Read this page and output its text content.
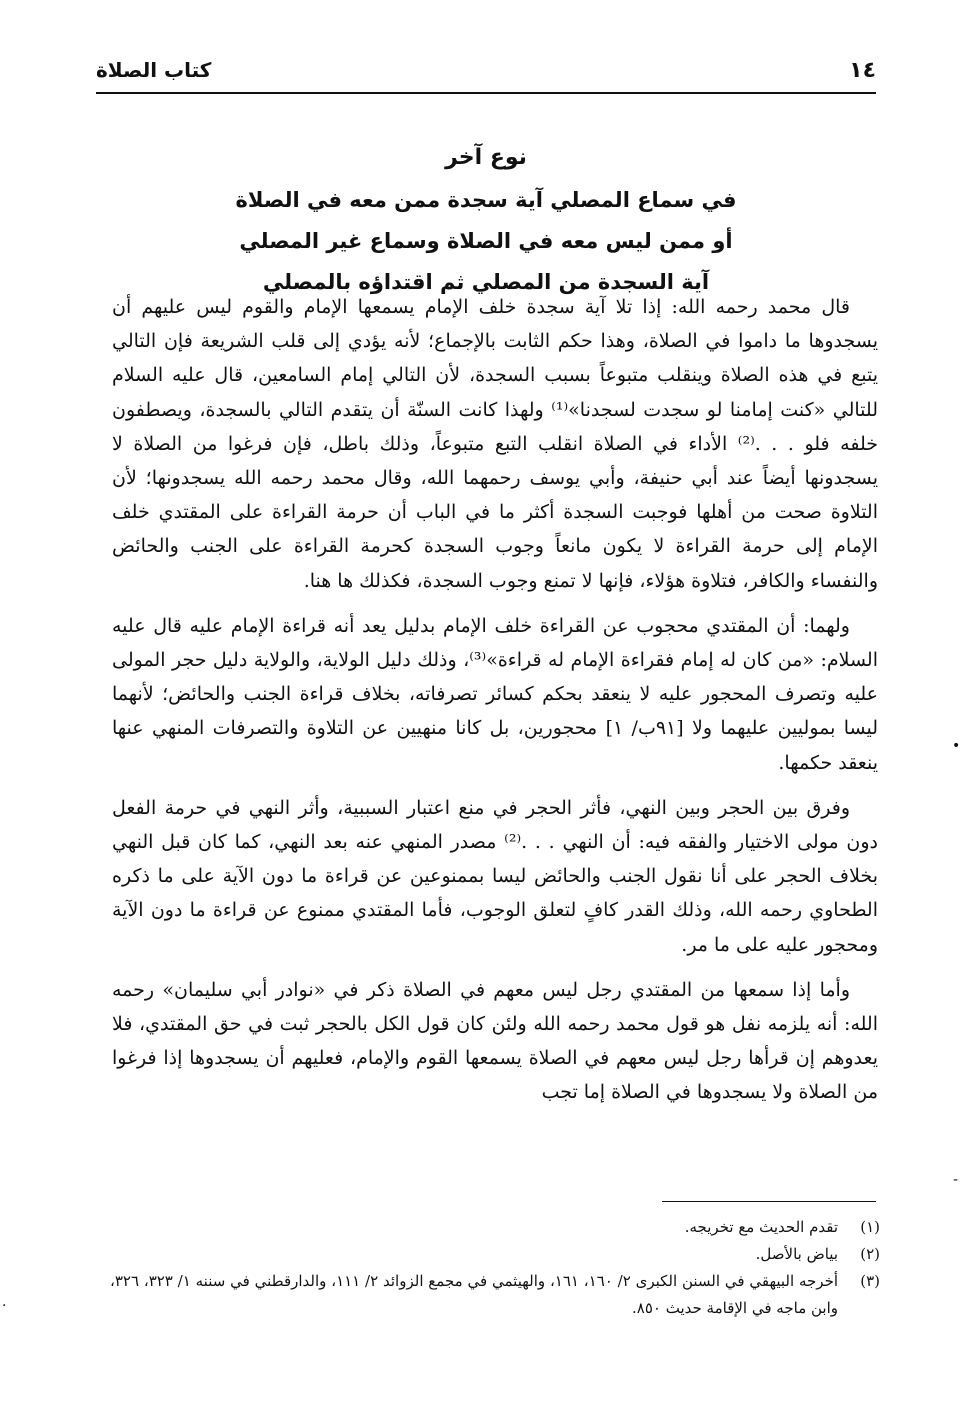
١٤
كتاب الصلاة
نوع آخر
في سماع المصلي آية سجدة ممن معه في الصلاة
أو ممن ليس معه في الصلاة وسماع غير المصلي
آية السجدة من المصلي ثم اقتداؤه بالمصلي

قال محمد رحمه الله: إذا تلا آية سجدة خلف الإمام يسمعها الإمام والقوم ليس عليهم أن يسجدوها ما داموا في الصلاة، وهذا حكم الثابت بالإجماع؛ لأنه يؤدي إلى قلب الشريعة فإن التالي يتبع في هذه الصلاة وينقلب متبوعاً بسبب السجدة، لأن التالي إمام السامعين، قال عليه السلام للتالي «كنت إمامنا لو سجدت لسجدنا»⁽¹⁾ ولهذا كانت السنّة أن يتقدم التالي بالسجدة، ويصطفون خلفه فلو . . .⁽²⁾ الأداء في الصلاة انقلب التبع متبوعاً، وذلك باطل، فإن فرغوا من الصلاة لا يسجدونها أيضاً عند أبي حنيفة، وأبي يوسف رحمهما الله، وقال محمد رحمه الله يسجدونها؛ لأن التلاوة صحت من أهلها فوجبت السجدة أكثر ما في الباب أن حرمة القراءة على المقتدي خلف الإمام إلى حرمة القراءة لا يكون مانعاً وجوب السجدة كحرمة القراءة على الجنب والحائض والنفساء والكافر، فتلاوة هؤلاء، فإنها لا تمنع وجوب السجدة، فكذلك ها هنا.

ولهما: أن المقتدي محجوب عن القراءة خلف الإمام بدليل يعد أنه قراءة الإمام عليه قال عليه السلام: «من كان له إمام فقراءة الإمام له قراءة»⁽³⁾، وذلك دليل الولاية، والولاية دليل حجر المولى عليه وتصرف المحجور عليه لا ينعقد بحكم كسائر تصرفاته، بخلاف قراءة الجنب والحائض؛ لأنهما ليسا بموليين عليهما ولا [٩١ب/ ١] محجورين، بل كانا منهيين عن التلاوة والتصرفات المنهي عنها ينعقد حكمها.

وفرق بين الحجر وبين النهي، فأثر الحجر في منع اعتبار السببية، وأثر النهي في حرمة الفعل دون مولى الاختيار والفقه فيه: أن النهي . . .⁽²⁾ مصدر المنهي عنه بعد النهي، كما كان قبل النهي بخلاف الحجر على أنا نقول الجنب والحائض ليسا بممنوعين عن قراءة ما دون الآية على ما ذكره الطحاوي رحمه الله، وذلك القدر كافٍ لتعلق الوجوب، فأما المقتدي ممنوع عن قراءة ما دون الآية ومحجور عليه على ما مر.

وأما إذا سمعها من المقتدي رجل ليس معهم في الصلاة ذكر في «نوادر أبي سليمان» رحمه الله: أنه يلزمه نفل هو قول محمد رحمه الله ولئن كان قول الكل بالحجر ثبت في حق المقتدي، فلا يعدوهم إن قرأها رجل ليس معهم في الصلاة يسمعها القوم والإمام، فعليهم أن يسجدوها إذا فرغوا من الصلاة ولا يسجدوها في الصلاة إما تجب

(١)
تقدم الحديث مع تخريجه.
(٢)
بياض بالأصل.
(٣)
أخرجه البيهقي في السنن الكبرى ٢/ ١٦٠، ١٦١، والهيثمي في مجمع الزوائد ٢/ ١١١، والدارقطني في سننه ١/ ٣٢٣، ٣٢٦، وابن ماجه في الإقامة حديث ٨٥٠.
•
‐
·
